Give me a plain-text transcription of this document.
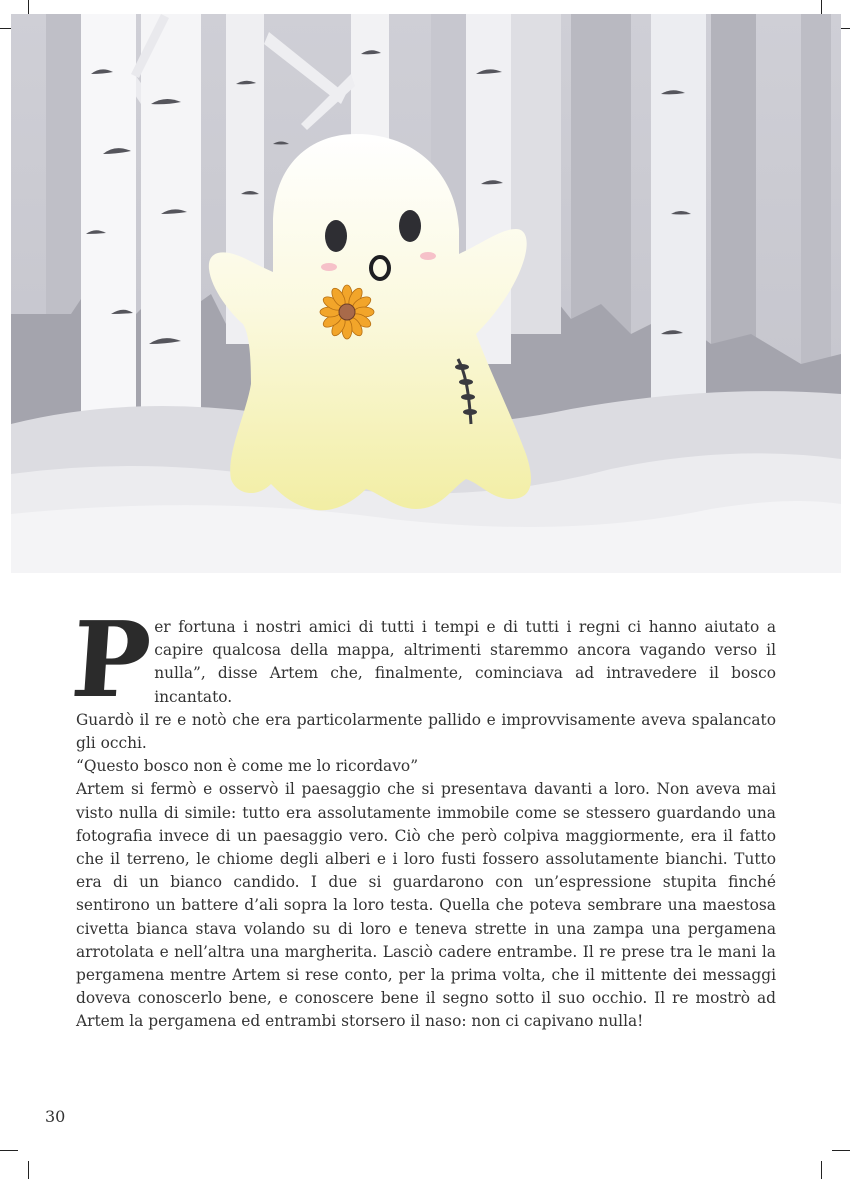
Per fortuna i nostri amici di tutti i tempi e di tutti i regni ci hanno aiutato a capire qualcosa della mappa, altrimenti staremmo ancora vagando verso il nulla”, disse Artem che, finalmente, cominciava ad intravedere il bosco incantato.

Guardò il re e notò che era particolarmente pallido e improvvisamente aveva spalancato gli occhi.

“Questo bosco non è come me lo ricordavo”

Artem si fermò e osservò il paesaggio che si presentava davanti a loro. Non aveva mai visto nulla di simile: tutto era assolutamente immobile come se stessero guardando una fotografia invece di un paesaggio vero. Ciò che però colpiva maggiormente, era il fatto che il terreno, le chiome degli alberi e i loro fusti fossero assolutamente bianchi. Tutto era di un bianco candido. I due si guardarono con un’espressione stupita finché sentirono un battere d’ali sopra la loro testa. Quella che poteva sembrare una maestosa civetta bianca stava volando su di loro e teneva strette in una zampa una pergamena arrotolata e nell’altra una margherita. Lasciò cadere entrambe. Il re prese tra le mani la pergamena mentre Artem si rese conto, per la prima volta, che il mittente dei messaggi doveva conoscerlo bene, e conoscere bene il segno sotto il suo occhio. Il re mostrò ad Artem la pergamena ed entrambi storsero il naso: non ci capivano nulla!

30
